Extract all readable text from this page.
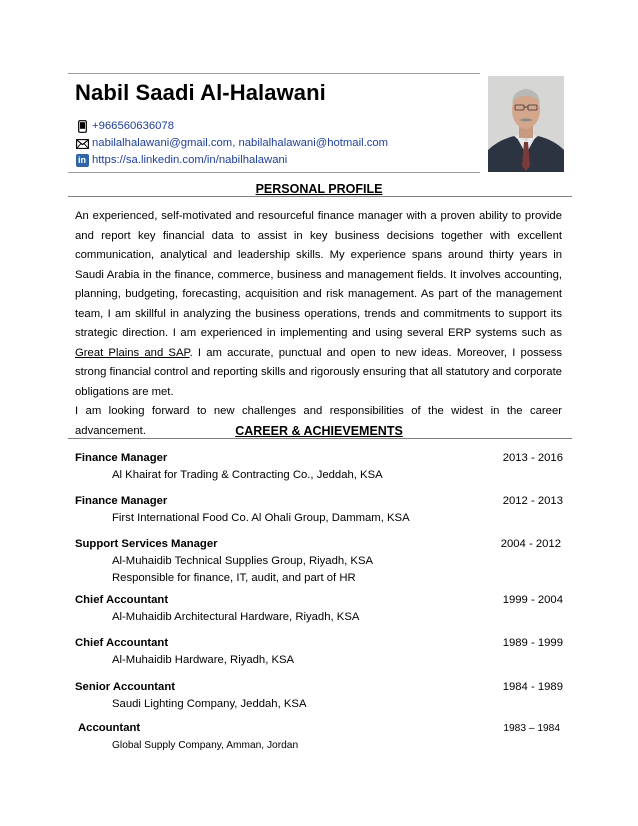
Nabil Saadi Al-Halawani
+966560636078
nabilalhalawani@gmail.com, nabilalhalawani@hotmail.com
in https://sa.linkedin.com/in/nabilhalawani
PERSONAL PROFILE

An experienced, self-motivated and resourceful finance manager with a proven ability to provide and report key financial data to assist in key business decisions together with excellent communication, analytical and leadership skills. My experience spans around thirty years in Saudi Arabia in the finance, commerce, business and management fields. It involves accounting, planning, budgeting, forecasting, acquisition and risk management. As part of the management team, I am skillful in analyzing the business operations, trends and commitments to support its strategic direction. I am experienced in implementing and using several ERP systems such as Great Plains and SAP. I am accurate, punctual and open to new ideas. Moreover, I possess strong financial control and reporting skills and rigorously ensuring that all statutory and corporate obligations are met.

I am looking forward to new challenges and responsibilities of the widest in the career advancement.	CAREER & ACHIEVEMENTS
Finance Manager	2013 - 2016
Al Khairat for Trading & Contracting Co., Jeddah, KSA
Finance Manager	2012 - 2013
First International Food Co. Al Ohali Group, Dammam, KSA
Support Services Manager	2004 - 2012
Al-Muhaidib Technical Supplies Group, Riyadh, KSA
Responsible for finance, IT, audit, and part of HR
Chief Accountant	1999 - 2004
Al-Muhaidib Architectural Hardware, Riyadh, KSA
Chief Accountant	1989 - 1999
Al-Muhaidib Hardware, Riyadh, KSA
Senior Accountant	1984 - 1989
Saudi Lighting Company, Jeddah, KSA
Accountant	1983 – 1984
Global Supply Company, Amman, Jordan
